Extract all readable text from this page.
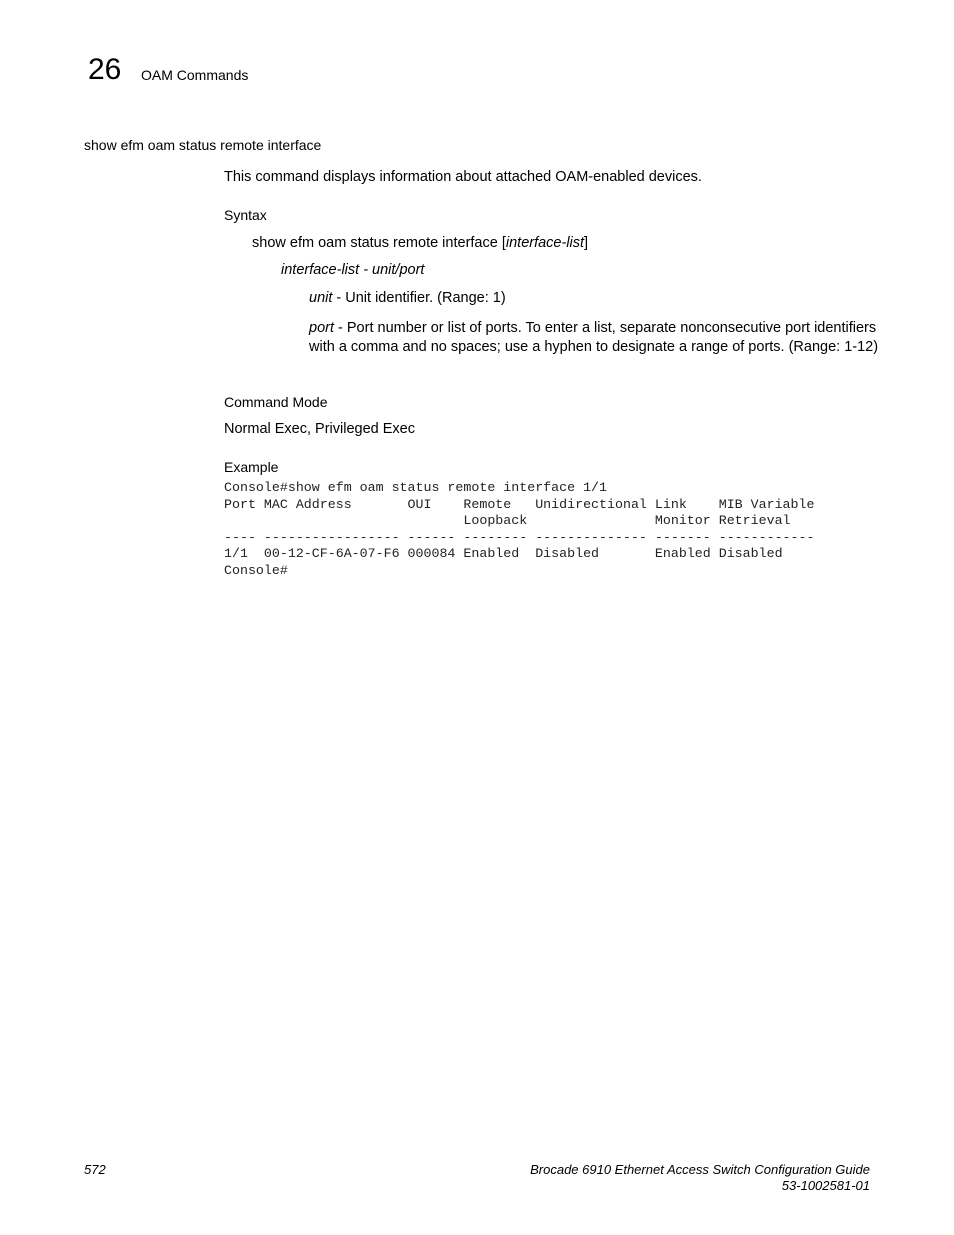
26 OAM Commands
show efm oam status remote interface
This command displays information about attached OAM-enabled devices.
Syntax
show efm oam status remote interface [interface-list]
interface-list - unit/port
unit - Unit identifier. (Range: 1)
port - Port number or list of ports. To enter a list, separate nonconsecutive port identifiers with a comma and no spaces; use a hyphen to designate a range of ports. (Range: 1-12)
Command Mode
Normal Exec, Privileged Exec
Example
Console#show efm oam status remote interface 1/1
Port MAC Address       OUI    Remote   Unidirectional Link    MIB Variable
Loopback                Monitor Retrieval
---- ----------------- ------ -------- -------------- ------- ------------
1/1  00-12-CF-6A-07-F6 000084 Enabled  Disabled       Enabled Disabled
Console#
572	Brocade 6910 Ethernet Access Switch Configuration Guide
53-1002581-01
